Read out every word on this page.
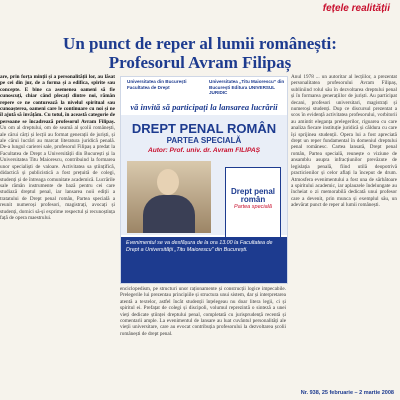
fețele realității
Un punct de reper al lumii românești:
Profesorul Avram Filipaș
are, prin forța minții și a personalității lor, au lăsat pe cei din jur, de a forma și a edifica, spirite sau concepte. E bine ca asemenea oameni să fie cunoscuți, chiar când plecați dintre noi, rămân repere ce ne conturează la nivelul spiritual sau cunoașterea, oameni care le continuare cu noi și ne îl ajută să învățăm. Cu totul, în această categorie de persoane se încadrează profesorul Avram Filipaș. Un om al dreptului, om de seamă al școlii românești, ale cărui cărți și lecții au format generații de juriști, și ale cărui lucrări au marcat literatura juridică penală. De-a lungul carierei sale, profesorul Filipaș a predat la Facultatea de Drept a Universității din București și la Universitatea Titu Maiorescu, contribuind la formarea unor specialiști de valoare. Activitatea sa științifică, didactică și publicistică a fost prețuită de colegi, studenți și de întreaga comunitate academică. Lucrările sale rămân instrumente de bază pentru cei care studiază dreptul penal, iar lansarea noii ediții a tratatului de Drept penal român, Partea specială a reunit numeroși profesori, magistrați, avocați și studenți, dornici să-și exprime respectul și recunoștința față de opera maestrului.
Universitatea din București Facultatea de Drept
Universitatea „Titu Maiorescu” din București Editura UNIVERSUL JURIDIC
vă invită să participați la lansarea lucrării
DREPT PENAL ROMÂN
PARTEA SPECIALĂ
Autor: Prof. univ. dr. Avram FILIPAȘ
Drept penal român
Partea specială

Evenimentul se va desfășura de la ora 13.00 la Facultatea de Drept a Universității „Titu Maiorescu” din București.

enciclopedism, pe structuri unor raționamente și construcții logice impecabile. Prelegerile lui prezentau principiile și structura unui sistem, dar și interpretarea atentă a textelor, astfel încât studenții înțelegeau nu doar litera legii, ci și spiritul ei. Prefațat de colegi și discipoli, volumul reprezintă o sinteză a unei vieți dedicate științei dreptului penal, completată cu jurisprudență recentă și comentarii ample. La evenimentul de lansare au luat cuvântul personalități ale vieții universitare, care au evocat contribuția profesorului la dezvoltarea școlii românești de drept penal.
Anul 1978 ... un autoritar al lecțiilor, a prezentat personalitatea profesorului Avram Filipaș, subliniind rolul său în dezvoltarea dreptului penal și în formarea generațiilor de juriști. Au participat decani, profesori universitari, magistrați și numeroși studenți. Dup ce discursul prezentat a scos în evidență activitatea profesorului, vorbitorii au amintit eleganța prelegerilor, rigoarea cu care analiza fiecare instituție juridică și căldura cu care își sprijinea studenții. Opera lui a fost apreciată drept un reper fundamental în domeniul dreptului penal românesc. Cartea lansată, Drept penal român, Partea specială, reunește o viziune de ansamblu asupra infracțiunilor prevăzute de legislația penală, fiind utilă deopotrivă practicienilor și celor aflați la început de drum. Atmosfera evenimentului a fost una de sărbătoare a spiritului academic, iar aplauzele îndelungate au încheiat o zi memorabilă dedicată unui profesor care a devenit, prin munca și exemplul său, un adevărat punct de reper al lumii românești.
Nr. 938, 25 februarie – 2 martie 2008
